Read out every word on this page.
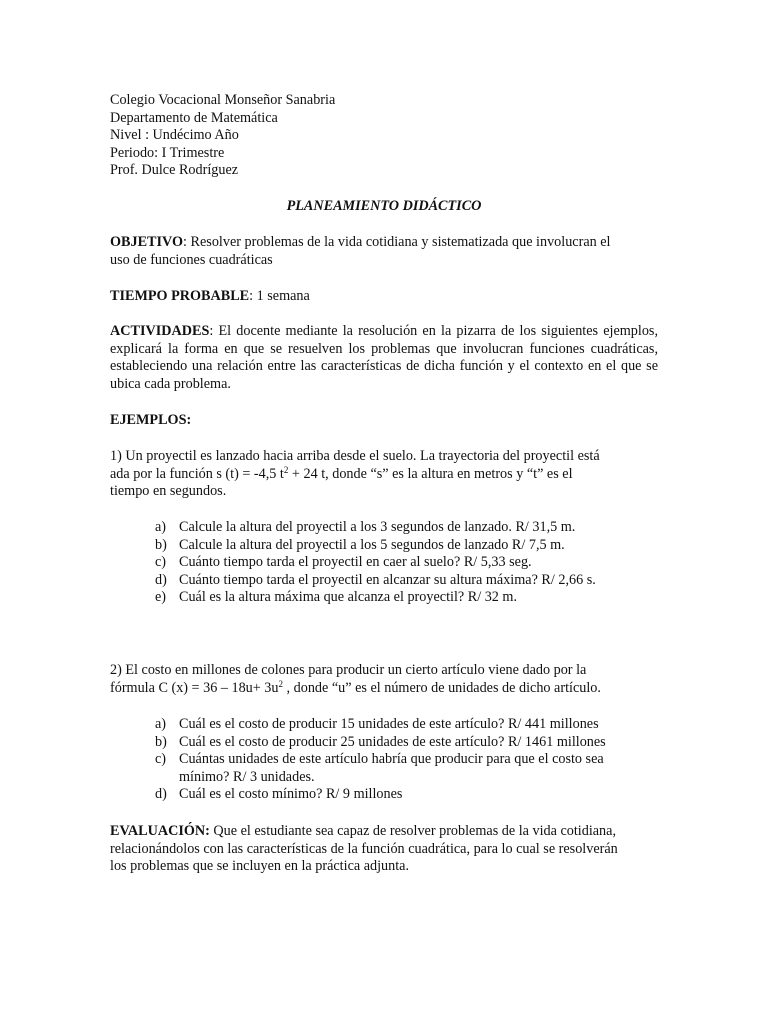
Colegio Vocacional Monseñor Sanabria
Departamento de Matemática
Nivel : Undécimo Año
Periodo: I Trimestre
Prof. Dulce Rodríguez
PLANEAMIENTO DIDÁCTICO
OBJETIVO: Resolver problemas de la vida cotidiana y sistematizada que involucran el
uso de funciones cuadráticas
TIEMPO PROBABLE: 1 semana
ACTIVIDADES: El docente mediante la resolución en la pizarra de los siguientes ejemplos, explicará la forma en que se resuelven los problemas que involucran funciones cuadráticas, estableciendo una relación entre las características de dicha función y el contexto en el que se ubica cada problema.
EJEMPLOS:
1) Un proyectil es lanzado hacia arriba desde el suelo. La trayectoria del proyectil está
ada por la función s (t) = -4,5 $t^2 + 24$ t, donde “s” es la altura en metros y “t” es el
tiempo en segundos.
a) Calcule la altura del proyectil a los 3 segundos de lanzado. R/ 31,5 m.
b) Calcule la altura del proyectil a los 5 segundos de lanzado R/ 7,5 m.
c) Cuánto tiempo tarda el proyectil en caer al suelo? R/ 5,33 seg.
d) Cuánto tiempo tarda el proyectil en alcanzar su altura máxima? R/ 2,66 s.
e) Cuál es la altura máxima que alcanza el proyectil? R/ 32 m.
2) El costo en millones de colones para producir un cierto artículo viene dado por la
fórmula C $(x) = 36 - 18u+ 3u^2$ , donde “u” es el número de unidades de dicho artículo.
a) Cuál es el costo de producir 15 unidades de este artículo? R/ 441 millones
b) Cuál es el costo de producir 25 unidades de este artículo? R/ 1461 millones
c) Cuántas unidades de este artículo habría que producir para que el costo sea
mínimo? R/ 3 unidades.
d) Cuál es el costo mínimo? R/ 9 millones
EVALUACIÓN: Que el estudiante sea capaz de resolver problemas de la vida cotidiana,
relacionándolos con las características de la función cuadrática, para lo cual se resolverán
los problemas que se incluyen en la práctica adjunta.
